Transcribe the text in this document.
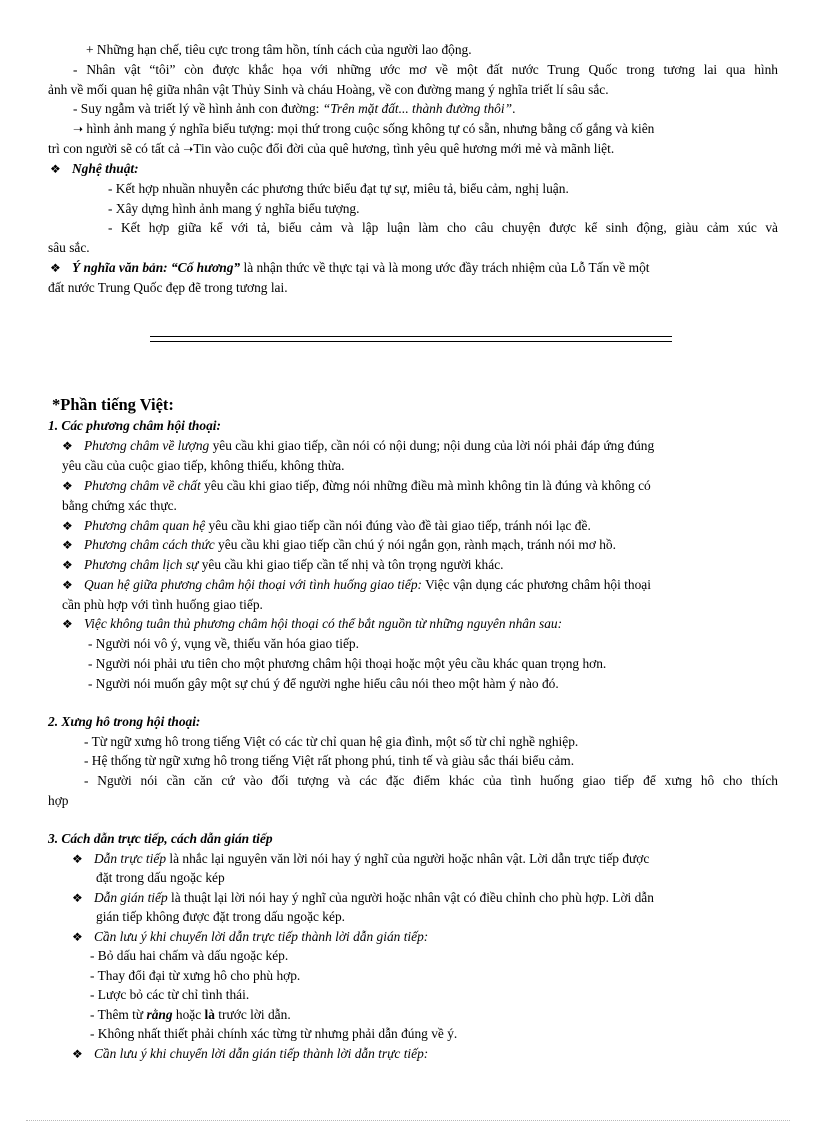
+ Những hạn chế, tiêu cực trong tâm hồn, tính cách của người lao động.
- Nhân vật “tôi” còn được khắc họa với những ước mơ về một đất nước Trung Quốc trong tương lai qua hình
ảnh về mối quan hệ giữa nhân vật Thủy Sinh và cháu Hoàng, về con đường mang ý nghĩa triết lí sâu sắc.
- Suy ngẫm và triết lý về hình ảnh con đường: “Trên mặt đất... thành đường thôi”.
➝ hình ảnh mang ý nghĩa biểu tượng: mọi thứ trong cuộc sống không tự có sẵn, nhưng bằng cố gắng và kiên
trì con người sẽ có tất cả ➝Tin vào cuộc đổi đời của quê hương, tình yêu quê hương mới mẻ và mãnh liệt.
❖ Nghệ thuật:
- Kết hợp nhuần nhuyễn các phương thức biểu đạt tự sự, miêu tả, biểu cảm, nghị luận.
- Xây dựng hình ảnh mang ý nghĩa biểu tượng.
- Kết hợp giữa kể với tả, biểu cảm và lập luận làm cho câu chuyện được kể sinh động, giàu cảm xúc và
sâu sắc.
❖ Ý nghĩa văn bản: “Cố hương” là nhận thức về thực tại và là mong ước đầy trách nhiệm của Lỗ Tấn về một
đất nước Trung Quốc đẹp đẽ trong tương lai.
*Phần tiếng Việt:
1. Các phương châm hội thoại:
❖ Phương châm về lượng yêu cầu khi giao tiếp, cần nói có nội dung; nội dung của lời nói phải đáp ứng đúng
yêu cầu của cuộc giao tiếp, không thiếu, không thừa.
❖ Phương châm về chất yêu cầu khi giao tiếp, đừng nói những điều mà mình không tin là đúng và không có
bằng chứng xác thực.
❖ Phương châm quan hệ yêu cầu khi giao tiếp cần nói đúng vào đề tài giao tiếp, tránh nói lạc đề.
❖ Phương châm cách thức yêu cầu khi giao tiếp cần chú ý nói ngắn gọn, rành mạch, tránh nói mơ hồ.
❖ Phương châm lịch sự yêu cầu khi giao tiếp cần tế nhị và tôn trọng người khác.
❖ Quan hệ giữa phương châm hội thoại với tình huống giao tiếp: Việc vận dụng các phương châm hội thoại
cần phù hợp với tình huống giao tiếp.
❖ Việc không tuân thủ phương châm hội thoại có thể bắt nguồn từ những nguyên nhân sau:
- Người nói vô ý, vụng về, thiếu văn hóa giao tiếp.
- Người nói phải ưu tiên cho một phương châm hội thoại hoặc một yêu cầu khác quan trọng hơn.
- Người nói muốn gây một sự chú ý để người nghe hiểu câu nói theo một hàm ý nào đó.
2. Xưng hô trong hội thoại:
- Từ ngữ xưng hô trong tiếng Việt có các từ chỉ quan hệ gia đình, một số từ chỉ nghề nghiệp.
- Hệ thống từ ngữ xưng hô trong tiếng Việt rất phong phú, tinh tế và giàu sắc thái biểu cảm.
- Người nói cần căn cứ vào đối tượng và các đặc điểm khác của tình huống giao tiếp để xưng hô cho thích
hợp
3. Cách dẫn trực tiếp, cách dẫn gián tiếp
❖ Dẫn trực tiếp là nhắc lại nguyên văn lời nói hay ý nghĩ của người hoặc nhân vật. Lời dẫn trực tiếp được
đặt trong dấu ngoặc kép
❖ Dẫn gián tiếp là thuật lại lời nói hay ý nghĩ của người hoặc nhân vật có điều chỉnh cho phù hợp. Lời dẫn
gián tiếp không được đặt trong dấu ngoặc kép.
❖ Cần lưu ý khi chuyển lời dẫn trực tiếp thành lời dẫn gián tiếp:
- Bỏ dấu hai chấm và dấu ngoặc kép.
- Thay đổi đại từ xưng hô cho phù hợp.
- Lược bỏ các từ chỉ tình thái.
- Thêm từ rằng hoặc là trước lời dẫn.
- Không nhất thiết phải chính xác từng từ nhưng phải dẫn đúng về ý.
❖ Cần lưu ý khi chuyển lời dẫn gián tiếp thành lời dẫn trực tiếp:
